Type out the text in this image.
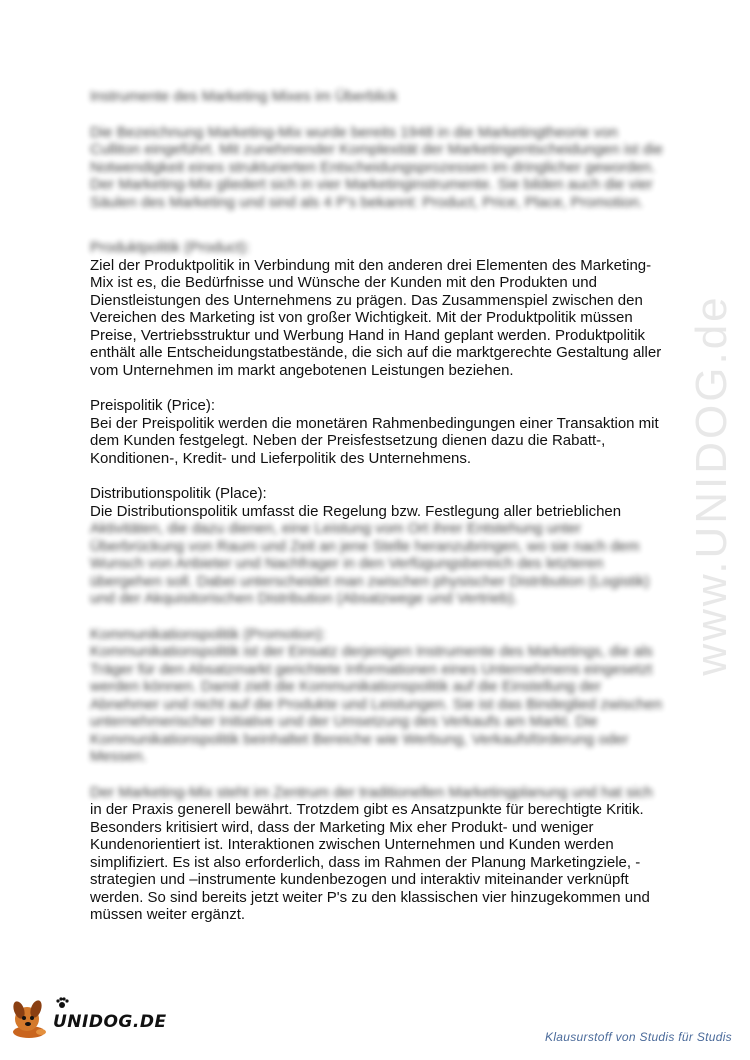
www.UNIDOG.de

Instrumente des Marketing Mixes im Überblick

Die Bezeichnung Marketing-Mix wurde bereits 1948 in die Marketingtheorie von Culliton eingeführt. Mit zunehmender Komplexität der Marketingentscheidungen ist die Notwendigkeit eines strukturierten Entscheidungsprozessen im dringlicher geworden. Der Marketing-Mix gliedert sich in vier Marketinginstrumente. Sie bilden auch die vier Säulen des Marketing und sind als 4 P's bekannt: Product, Price, Place, Promotion.

Produktpolitik (Product):

Ziel der Produktpolitik in Verbindung mit den anderen drei Elementen des Marketing-Mix ist es, die Bedürfnisse und Wünsche der Kunden mit den Produkten und Dienstleistungen des Unternehmens zu prägen. Das Zusammenspiel zwischen den Vereichen des Marketing ist von großer Wichtigkeit. Mit der Produktpolitik müssen Preise, Vertriebsstruktur und Werbung Hand in Hand geplant werden. Produktpolitik enthält alle Entscheidungstatbestände, die sich auf die marktgerechte Gestaltung aller vom Unternehmen im markt angebotenen Leistungen beziehen.

Preispolitik (Price):

Bei der Preispolitik werden die monetären Rahmenbedingungen einer Transaktion mit dem Kunden festgelegt. Neben der Preisfestsetzung dienen dazu die Rabatt-, Konditionen-, Kredit- und Lieferpolitik des Unternehmens.

Distributionspolitik (Place):

Die Distributionspolitik umfasst die Regelung bzw. Festlegung aller betrieblichen

Aktivitäten, die dazu dienen, eine Leistung vom Ort ihrer Entstehung unter Überbrückung von Raum und Zeit an jene Stelle heranzubringen, wo sie nach dem Wunsch von Anbieter und Nachfrager in den Verfügungsbereich des letzteren übergehen soll. Dabei unterscheidet man zwischen physischer Distribution (Logistik) und der Akquisitorischen Distribution (Absatzwege und Vertrieb).

Kommunikationspolitik (Promotion):

Kommunikationspolitik ist der Einsatz derjenigen Instrumente des Marketings, die als Träger für den Absatzmarkt gerichtete Informationen eines Unternehmens eingesetzt werden können. Damit zielt die Kommunikationspolitik auf die Einstellung der Abnehmer und nicht auf die Produkte und Leistungen. Sie ist das Bindeglied zwischen unternehmerischer Initiative und der Umsetzung des Verkaufs am Markt. Die Kommunikationspolitik beinhaltet Bereiche wie Werbung, Verkaufsförderung oder Messen.

Der Marketing-Mix steht im Zentrum der traditionellen Marketingplanung und hat sich

in der Praxis generell bewährt. Trotzdem gibt es Ansatzpunkte für berechtigte Kritik. Besonders kritisiert wird, dass der Marketing Mix eher Produkt- und weniger Kundenorientiert ist. Interaktionen zwischen Unternehmen und Kunden werden simplifiziert. Es ist also erforderlich, dass im Rahmen der Planung Marketingziele, -strategien und –instrumente kundenbezogen und interaktiv miteinander verknüpft werden. So sind bereits jetzt weiter P's zu den klassischen vier hinzugekommen und müssen weiter ergänzt.

UNIDOG.DE
Klausurstoff von Studis für Studis
